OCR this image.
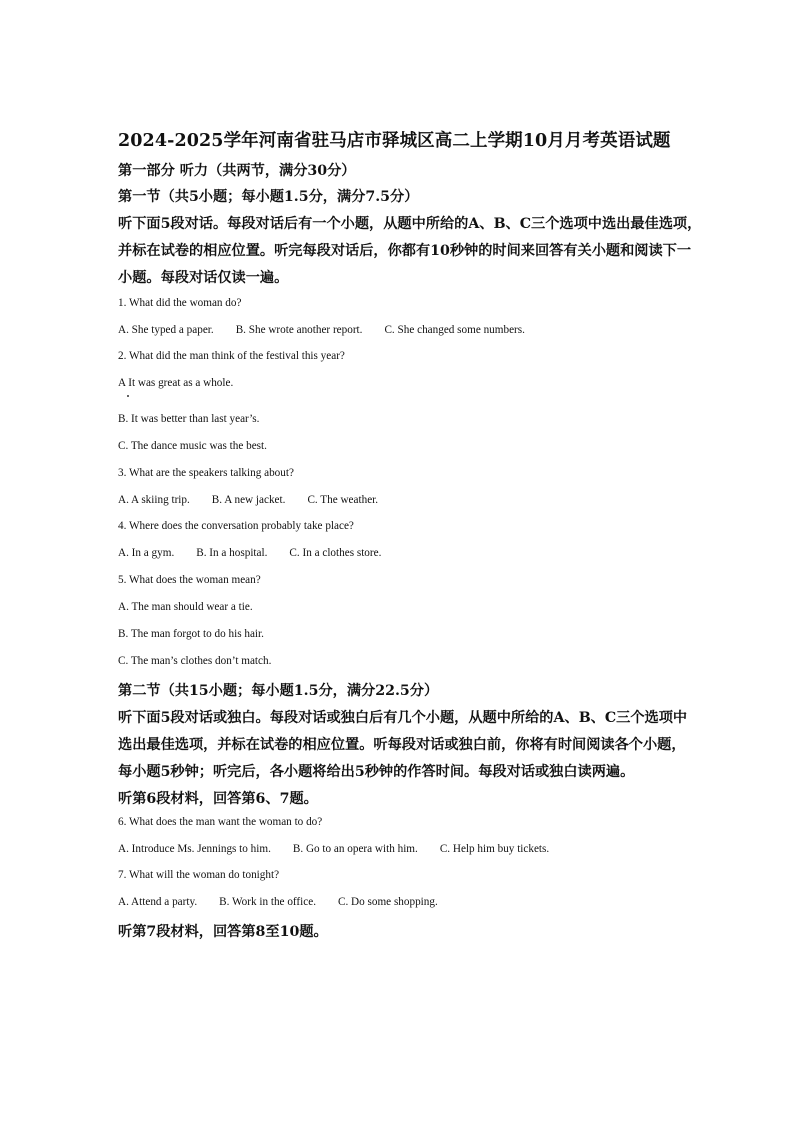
2024-2025学年河南省驻马店市驿城区高二上学期10月月考英语试题
第一部分 听力（共两节，满分30分）
第一节（共5小题；每小题1.5分，满分7.5分）
听下面5段对话。每段对话后有一个小题，从题中所给的A、B、C三个选项中选出最佳选项，
并标在试卷的相应位置。听完每段对话后，你都有10秒钟的时间来回答有关小题和阅读下一
小题。每段对话仅读一遍。
1. What did the woman do?
A. She typed a paper. B. She wrote another report. C. She changed some numbers.
2. What did the man think of the festival this year?
A It was great as a whole.
B. It was better than last year’s.
C. The dance music was the best.
3. What are the speakers talking about?
A. A skiing trip. B. A new jacket. C. The weather.
4. Where does the conversation probably take place?
A. In a gym. B. In a hospital. C. In a clothes store.
5. What does the woman mean?
A. The man should wear a tie.
B. The man forgot to do his hair.
C. The man’s clothes don’t match.
第二节（共15小题；每小题1.5分，满分22.5分）
听下面5段对话或独白。每段对话或独白后有几个小题，从题中所给的A、B、C三个选项中
选出最佳选项，并标在试卷的相应位置。听每段对话或独白前，你将有时间阅读各个小题，
每小题5秒钟；听完后，各小题将给出5秒钟的作答时间。每段对话或独白读两遍。
听第6段材料，回答第6、7题。
6. What does the man want the woman to do?
A. Introduce Ms. Jennings to him. B. Go to an opera with him. C. Help him buy tickets.
7. What will the woman do tonight?
A. Attend a party. B. Work in the office. C. Do some shopping.
听第7段材料，回答第8至10题。
